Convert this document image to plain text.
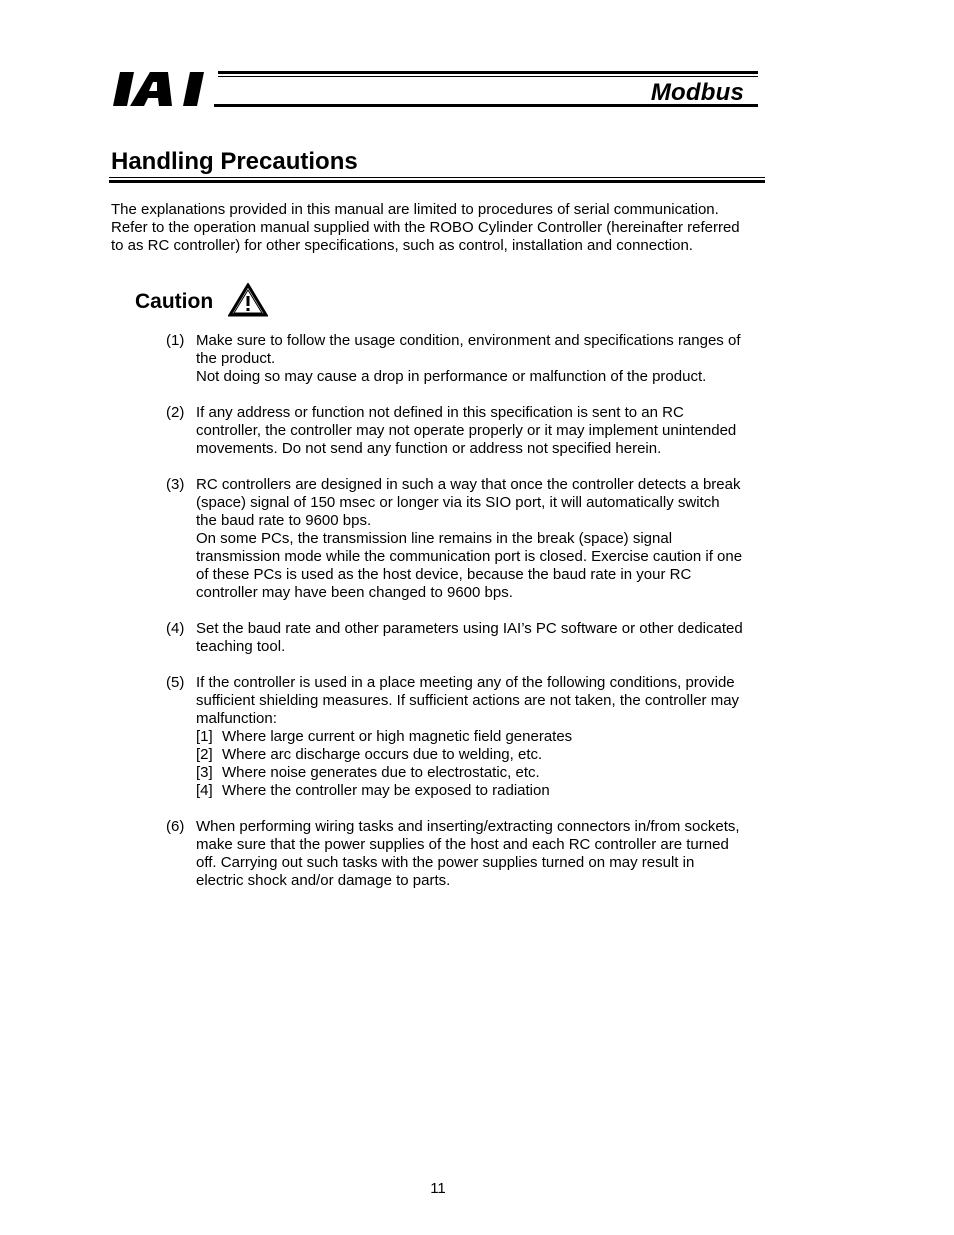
Modbus
Handling Precautions
The explanations provided in this manual are limited to procedures of serial communication.
Refer to the operation manual supplied with the ROBO Cylinder Controller (hereinafter referred
to as RC controller) for other specifications, such as control, installation and connection.
Caution
(1) Make sure to follow the usage condition, environment and specifications ranges of

the product.

Not doing so may cause a drop in performance or malfunction of the product.

(2) If any address or function not defined in this specification is sent to an RC

controller, the controller may not operate properly or it may implement unintended

movements. Do not send any function or address not specified herein.

(3) RC controllers are designed in such a way that once the controller detects a break

(space) signal of 150 msec or longer via its SIO port, it will automatically switch

the baud rate to 9600 bps.

On some PCs, the transmission line remains in the break (space) signal

transmission mode while the communication port is closed. Exercise caution if one

of these PCs is used as the host device, because the baud rate in your RC

controller may have been changed to 9600 bps.

(4) Set the baud rate and other parameters using IAI’s PC software or other dedicated

teaching tool.

(5) If the controller is used in a place meeting any of the following conditions, provide

sufficient shielding measures. If sufficient actions are not taken, the controller may

malfunction:

[1] Where large current or high magnetic field generates
[2] Where arc discharge occurs due to welding, etc.
[3] Where noise generates due to electrostatic, etc.
[4] Where the controller may be exposed to radiation
(6) When performing wiring tasks and inserting/extracting connectors in/from sockets,

make sure that the power supplies of the host and each RC controller are turned

off. Carrying out such tasks with the power supplies turned on may result in

electric shock and/or damage to parts.

11
